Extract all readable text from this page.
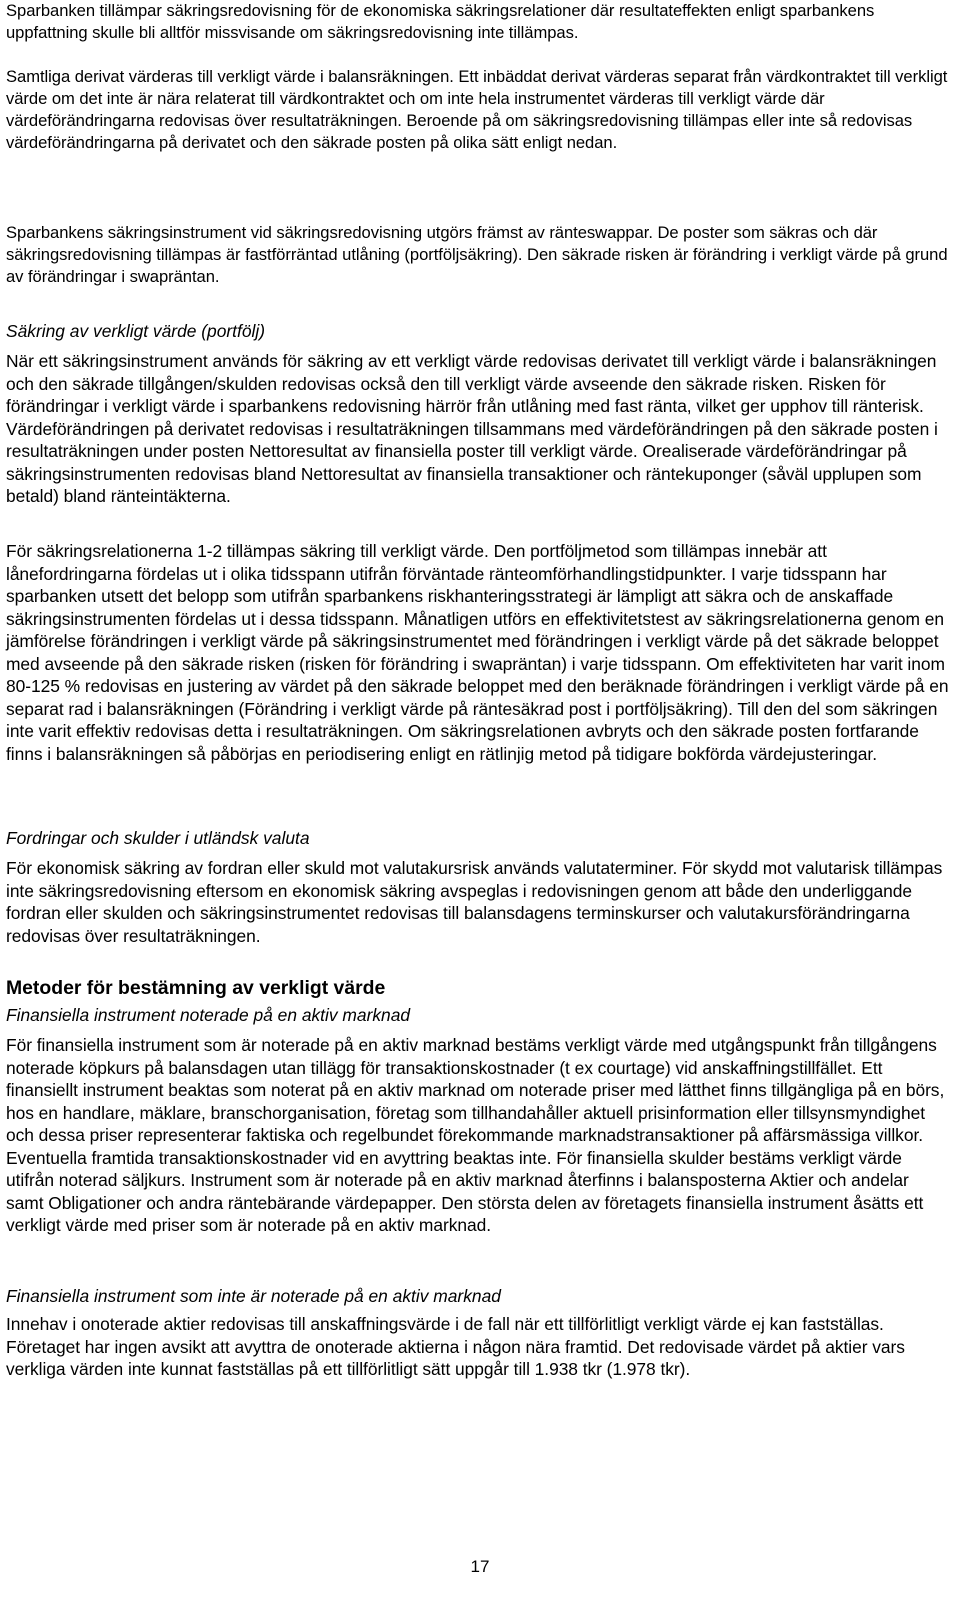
Sparbanken tillämpar säkringsredovisning för de ekonomiska säkringsrelationer där resultateffekten enligt sparbankens uppfattning skulle bli alltför missvisande om säkringsredovisning inte tillämpas.

Samtliga derivat värderas till verkligt värde i balansräkningen. Ett inbäddat derivat värderas separat från värdkontraktet till verkligt värde om det inte är nära relaterat till värdkontraktet och om inte hela instrumentet värderas till verkligt värde där värdeförändringarna redovisas över resultaträkningen. Beroende på om säkringsredovisning tillämpas eller inte så redovisas värdeförändringarna på derivatet och den säkrade posten på olika sätt enligt nedan.

Sparbankens säkringsinstrument vid säkringsredovisning utgörs främst av ränteswappar. De poster som säkras och där säkringsredovisning tillämpas är fastförräntad utlåning (portföljsäkring). Den säkrade risken är förändring i verkligt värde på grund av förändringar i swapräntan.

Säkring av verkligt värde (portfölj)

När ett säkringsinstrument används för säkring av ett verkligt värde redovisas derivatet till verkligt värde i balansräkningen och den säkrade tillgången/skulden redovisas också den till verkligt värde avseende den säkrade risken. Risken för förändringar i verkligt värde i sparbankens redovisning härrör från utlåning med fast ränta, vilket ger upphov till ränterisk. Värdeförändringen på derivatet redovisas i resultaträkningen tillsammans med värdeförändringen på den säkrade posten i resultaträkningen under posten Nettoresultat av finansiella poster till verkligt värde. Orealiserade värdeförändringar på säkringsinstrumenten redovisas bland Nettoresultat av finansiella transaktioner och räntekuponger (såväl upplupen som betald) bland ränteintäkterna.

För säkringsrelationerna 1-2 tillämpas säkring till verkligt värde. Den portföljmetod som tillämpas innebär att lånefordringarna fördelas ut i olika tidsspann utifrån förväntade ränteomförhandlingstidpunkter. I varje tidsspann har sparbanken utsett det belopp som utifrån sparbankens riskhanteringsstrategi är lämpligt att säkra och de anskaffade säkringsinstrumenten fördelas ut i dessa tidsspann. Månatligen utförs en effektivitetstest av säkringsrelationerna genom en jämförelse förändringen i verkligt värde på säkringsinstrumentet med förändringen i verkligt värde på det säkrade beloppet med avseende på den säkrade risken (risken för förändring i swapräntan) i varje tidsspann. Om effektiviteten har varit inom 80-125 % redovisas en justering av värdet på den säkrade beloppet med den beräknade förändringen i verkligt värde på en separat rad i balansräkningen (Förändring i verkligt värde på räntesäkrad post i portföljsäkring). Till den del som säkringen inte varit effektiv redovisas detta i resultaträkningen. Om säkringsrelationen avbryts och den säkrade posten fortfarande finns i balansräkningen så påbörjas en periodisering enligt en rätlinjig metod på tidigare bokförda värdejusteringar.

Fordringar och skulder i utländsk valuta

För ekonomisk säkring av fordran eller skuld mot valutakursrisk används valutaterminer. För skydd mot valutarisk tillämpas inte säkringsredovisning eftersom en ekonomisk säkring avspeglas i redovisningen genom att både den underliggande fordran eller skulden och säkringsinstrumentet redovisas till balansdagens terminskurser och valutakursförändringarna redovisas över resultaträkningen.

Metoder för bestämning av verkligt värde

Finansiella instrument noterade på en aktiv marknad

För finansiella instrument som är noterade på en aktiv marknad bestäms verkligt värde med utgångspunkt från tillgångens noterade köpkurs på balansdagen utan tillägg för transaktionskostnader (t ex courtage) vid anskaffningstillfället. Ett finansiellt instrument beaktas som noterat på en aktiv marknad om noterade priser med lätthet finns tillgängliga på en börs, hos en handlare, mäklare, branschorganisation, företag som tillhandahåller aktuell prisinformation eller tillsynsmyndighet och dessa priser representerar faktiska och regelbundet förekommande marknadstransaktioner på affärsmässiga villkor. Eventuella framtida transaktionskostnader vid en avyttring beaktas inte. För finansiella skulder bestäms verkligt värde utifrån noterad säljkurs. Instrument som är noterade på en aktiv marknad återfinns i balansposterna Aktier och andelar samt Obligationer och andra räntebärande värdepapper. Den största delen av företagets finansiella instrument åsätts ett verkligt värde med priser som är noterade på en aktiv marknad.

Finansiella instrument som inte är noterade på en aktiv marknad

Innehav i onoterade aktier redovisas till anskaffningsvärde i de fall när ett tillförlitligt verkligt värde ej kan fastställas. Företaget har ingen avsikt att avyttra de onoterade aktierna i någon nära framtid. Det redovisade värdet på aktier vars verkliga värden inte kunnat fastställas på ett tillförlitligt sätt uppgår till 1.938 tkr (1.978 tkr).

17
